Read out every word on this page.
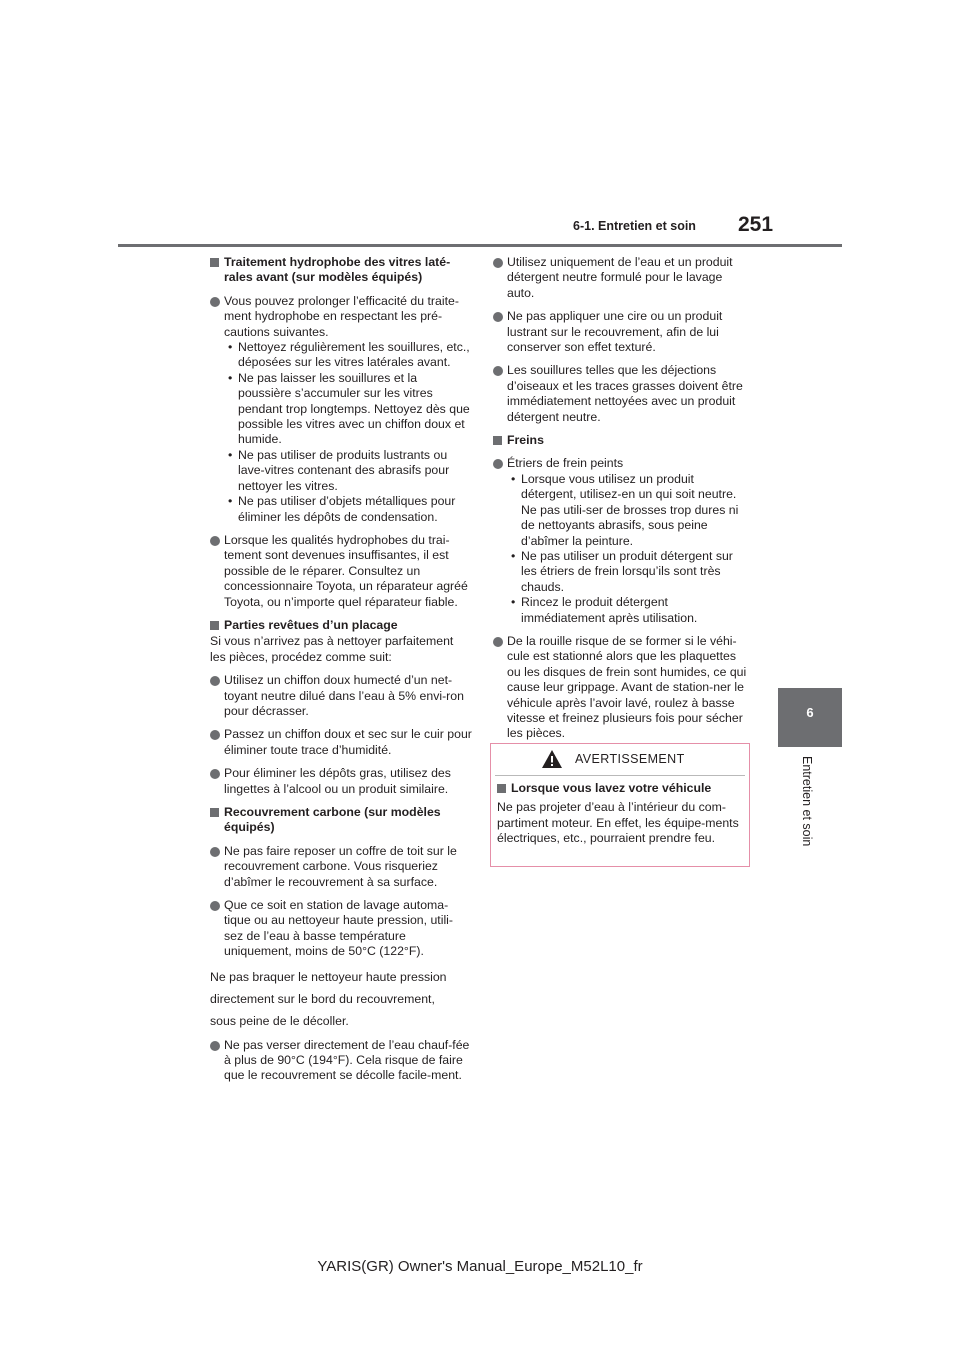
6-1. Entretien et soin 251
6
Entretien et soin
Traitement hydrophobe des vitres laté-rales avant (sur modèles équipés)
Vous pouvez prolonger l’efficacité du traite-ment hydrophobe en respectant les pré-cautions suivantes.
• Nettoyez régulièrement les souillures, etc., déposées sur les vitres latérales avant.
• Ne pas laisser les souillures et la poussière s’accumuler sur les vitres pendant trop longtemps. Nettoyez dès que possible les vitres avec un chiffon doux et humide.
• Ne pas utiliser de produits lustrants ou lave-vitres contenant des abrasifs pour nettoyer les vitres.
• Ne pas utiliser d’objets métalliques pour éliminer les dépôts de condensation.
Lorsque les qualités hydrophobes du trai-tement sont devenues insuffisantes, il est possible de le réparer. Consultez un concessionnaire Toyota, un réparateur agréé Toyota, ou n’importe quel réparateur fiable.
Parties revêtues d’un placage
Si vous n’arrivez pas à nettoyer parfaitement les pièces, procédez comme suit:
Utilisez un chiffon doux humecté d’un net-toyant neutre dilué dans l’eau à 5% envi-ron pour décrasser.
Passez un chiffon doux et sec sur le cuir pour éliminer toute trace d’humidité.
Pour éliminer les dépôts gras, utilisez des lingettes à l’alcool ou un produit similaire.
Recouvrement carbone (sur modèles équipés)
Ne pas faire reposer un coffre de toit sur le recouvrement carbone. Vous risqueriez d’abîmer le recouvrement à sa surface.
Que ce soit en station de lavage automa-tique ou au nettoyeur haute pression, utili-sez de l’eau à basse température uniquement, moins de 50°C (122°F).
Ne pas braquer le nettoyeur haute pression
directement sur le bord du recouvrement,
sous peine de le décoller.
Ne pas verser directement de l’eau chauf-fée à plus de 90°C (194°F). Cela risque de faire que le recouvrement se décolle facile-ment.
Utilisez uniquement de l’eau et un produit détergent neutre formulé pour le lavage auto.
Ne pas appliquer une cire ou un produit lustrant sur le recouvrement, afin de lui conserver son effet texturé.
Les souillures telles que les déjections d’oiseaux et les traces grasses doivent être immédiatement nettoyées avec un produit détergent neutre.
Freins
Étriers de frein peints
• Lorsque vous utilisez un produit détergent, utilisez-en un qui soit neutre. Ne pas utili-ser de brosses trop dures ni de nettoyants abrasifs, sous peine d’abîmer la peinture.
• Ne pas utiliser un produit détergent sur les étriers de frein lorsqu’ils sont très chauds.
• Rincez le produit détergent immédiatement après utilisation.
De la rouille risque de se former si le véhi-cule est stationné alors que les plaquettes ou les disques de frein sont humides, ce qui cause leur grippage. Avant de station-ner le véhicule après l’avoir lavé, roulez à basse vitesse et freinez plusieurs fois pour sécher les pièces.
AVERTISSEMENT
Lorsque vous lavez votre véhicule
Ne pas projeter d’eau à l’intérieur du com-partiment moteur. En effet, les équipe-ments électriques, etc., pourraient prendre feu.
YARIS(GR) Owner's Manual_Europe_M52L10_fr
